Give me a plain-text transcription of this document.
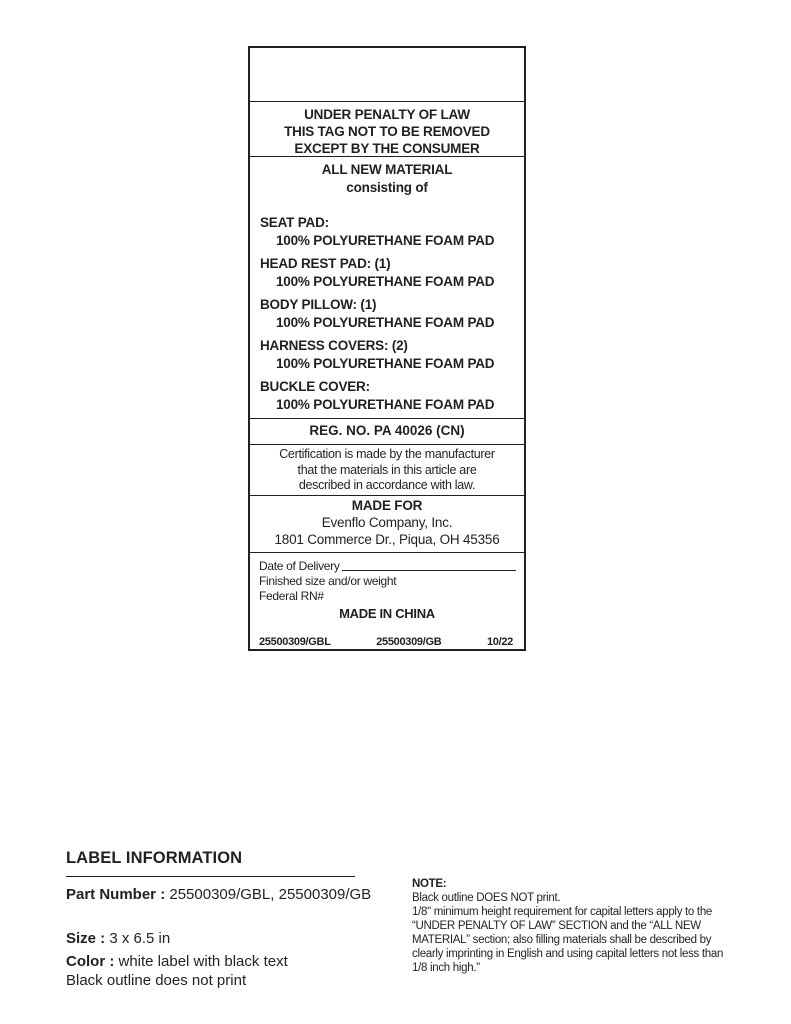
UNDER PENALTY OF LAW
THIS TAG NOT TO BE REMOVED
EXCEPT BY THE CONSUMER
ALL NEW MATERIAL
consisting of
SEAT PAD:
100% POLYURETHANE FOAM PAD
HEAD REST PAD: (1)
100% POLYURETHANE FOAM PAD
BODY PILLOW: (1)
100% POLYURETHANE FOAM PAD
HARNESS COVERS: (2)
100% POLYURETHANE FOAM PAD
BUCKLE COVER:
100% POLYURETHANE FOAM PAD
REG. NO. PA 40026 (CN)
Certification is made by the manufacturer
that the materials in this article are
described in accordance with law.
MADE FOR
Evenflo Company, Inc.
1801 Commerce Dr., Piqua, OH 45356
Date of Delivery
Finished size and/or weight
Federal RN#
MADE IN CHINA
25500309/GBL	25500309/GB	10/22
LABEL INFORMATION
Part Number : 25500309/GBL, 25500309/GB
Size : 3 x 6.5 in
Color : white label with black text
Black outline does not print
NOTE:
Black outline DOES NOT print.
1/8" minimum height requirement for capital letters apply to the
“UNDER PENALTY OF LAW” SECTION and the “ALL NEW
MATERIAL” section; also filling materials shall be described by
clearly imprinting in English and using capital letters not less than
1/8 inch high.”
